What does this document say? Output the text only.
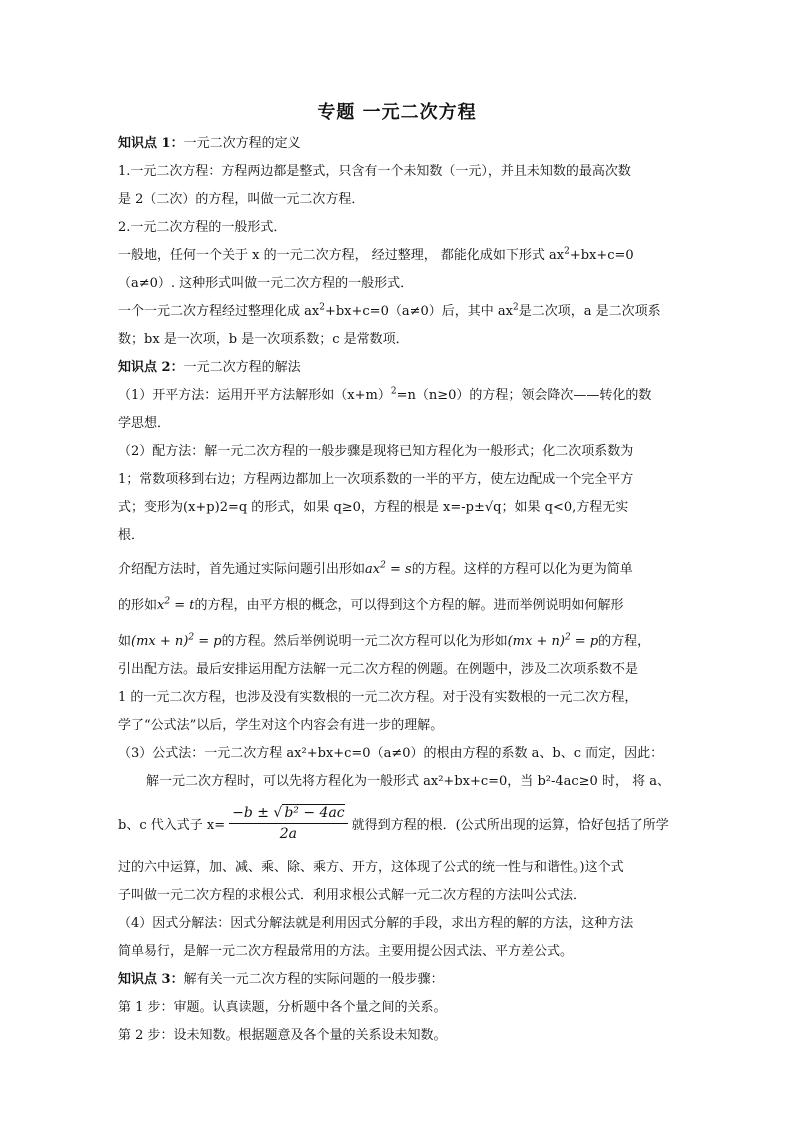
专题 一元二次方程
知识点 1：一元二次方程的定义
1.一元二次方程：方程两边都是整式，只含有一个未知数（一元），并且未知数的最高次数
是 2（二次）的方程，叫做一元二次方程．
2.一元二次方程的一般形式．
一般地，任何一个关于 x 的一元二次方程， 经过整理， 都能化成如下形式 $ax^2+bx+c=0$
（a≠0）. 这种形式叫做一元二次方程的一般形式．
一个一元二次方程经过整理化成 $ax^2+bx+c=0(a\ne 0)$后，其中 $ax^2$是二次项，a 是二次项系
数；bx 是一次项，b 是一次项系数；c 是常数项．
知识点 2：一元二次方程的解法
（1）开平方法：运用开平方法解形如$(x+m)^2=n(n\ge 0)$的方程；领会降次——转化的数
学思想．
（2）配方法：解一元二次方程的一般步骤是现将已知方程化为一般形式；化二次项系数为
1；常数项移到右边；方程两边都加上一次项系数的一半的平方，使左边配成一个完全平方
式；变形为(x+p)2=q 的形式，如果 q≥0，方程的根是 x=-p±√q；如果 q<0,方程无实
根．
介绍配方法时，首先通过实际问题引出形如$ax^2 = s$的方程。这样的方程可以化为更为简单
的形如$x^2 = t$的方程，由平方根的概念，可以得到这个方程的解。进而举例说明如何解形
如(mx + n)$^2$ = p的方程。然后举例说明一元二次方程可以化为形如(mx + n)$^2$ = p的方程，
引出配方法。最后安排运用配方法解一元二次方程的例题。在例题中，涉及二次项系数不是
1 的一元二次方程，也涉及没有实数根的一元二次方程。对于没有实数根的一元二次方程，
学了“公式法”以后，学生对这个内容会有进一步的理解。
（3）公式法：一元二次方程 ax²+bx+c=0（a≠0）的根由方程的系数 a、b、c 而定，因此：
解一元二次方程时，可以先将方程化为一般形式 ax²+bx+c=0，当 b²-4ac≥0 时， 将 a、
b、c 代入式子 $x= \frac{\text{−b ± √ b² − 4ac}}{2a}$ 就得到方程的根．(公式所出现的运算，恰好包括了所学
过的六中运算，加、减、乘、除、乘方、开方，这体现了公式的统一性与和谐性。)这个式
子叫做一元二次方程的求根公式．利用求根公式解一元二次方程的方法叫公式法．
（4）因式分解法：因式分解法就是利用因式分解的手段，求出方程的解的方法，这种方法
简单易行，是解一元二次方程最常用的方法。主要用提公因式法、平方差公式。
知识点 3：解有关一元二次方程的实际问题的一般步骤：
第 1 步：审题。认真读题，分析题中各个量之间的关系。
第 2 步：设未知数。根据题意及各个量的关系设未知数。
